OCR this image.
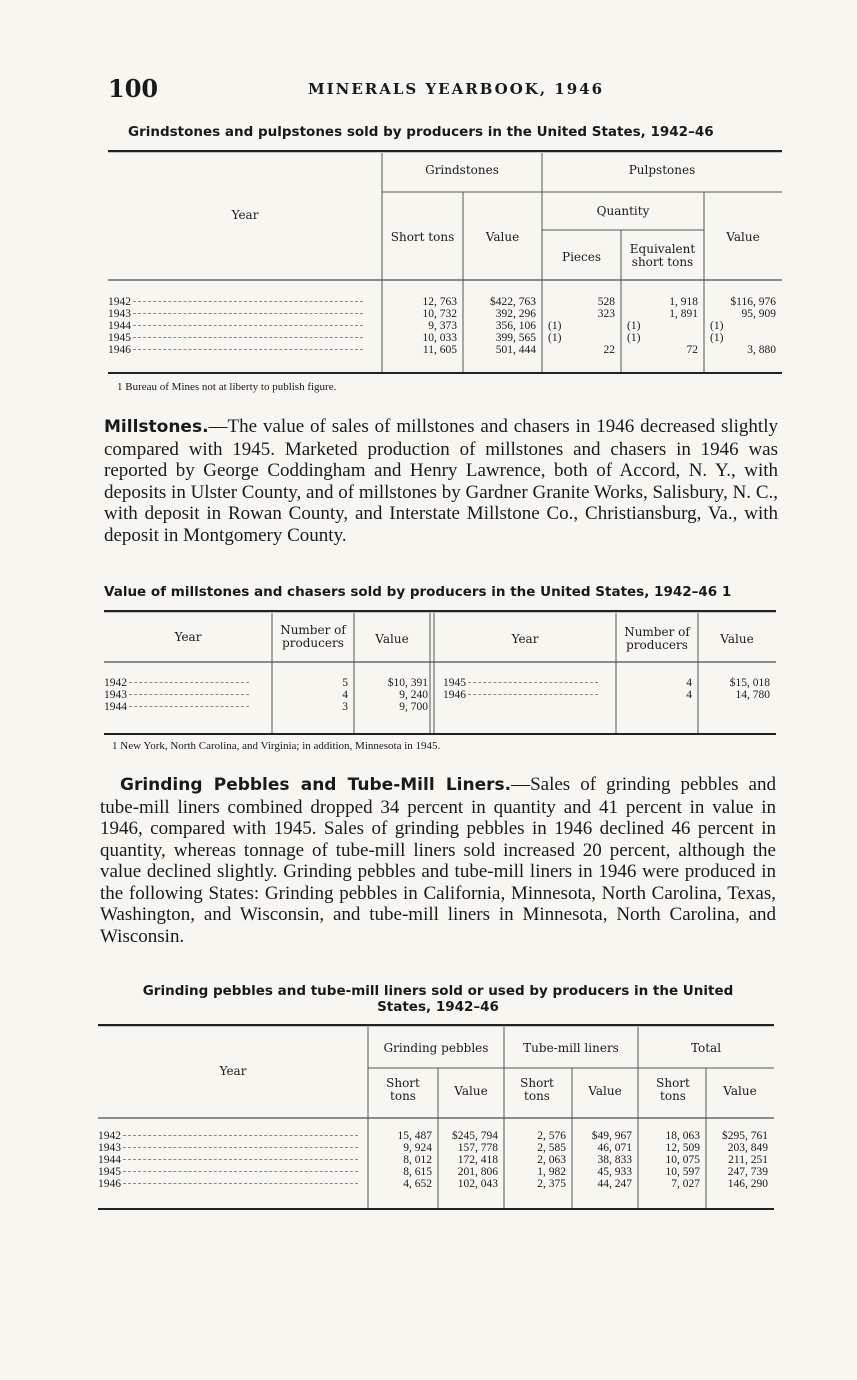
100	MINERALS YEARBOOK, 1946
Grindstones and pulpstones sold by producers in the United States, 1942–46
Year
Grindstones	Pulpstones
Short tons	Value
Quantity
Pieces
Equivalent short tons
Value
1942	12, 763	$422, 763	528	1, 918	$116, 976
1943	10, 732	392, 296	323	1, 891	95, 909
1944	9, 373	356, 106	(1)	(1)	(1)
1945	10, 033	399, 565	(1)	(1)	(1)
1946	11, 605	501, 444	22	72	3, 880
1 Bureau of Mines not at liberty to publish figure.
Millstones.—The value of sales of millstones and chasers in 1946 decreased slightly compared with 1945. Marketed production of millstones and chasers in 1946 was reported by George Coddingham and Henry Lawrence, both of Accord, N. Y., with deposits in Ulster County, and of millstones by Gardner Granite Works, Salisbury, N. C., with deposit in Rowan County, and Interstate Millstone Co., Christiansburg, Va., with deposit in Montgomery County.
Value of millstones and chasers sold by producers in the United States, 1942–46 1
Year	Number of producers	Value	Year	Number of producers	Value
1942	5	$10, 391
1943	4	9, 240
1944	3	9, 700
1945	4	$15, 018
1946	4	14, 780
1 New York, North Carolina, and Virginia; in addition, Minnesota in 1945.
Grinding Pebbles and Tube-Mill Liners.—Sales of grinding pebbles and tube-mill liners combined dropped 34 percent in quantity and 41 percent in value in 1946, compared with 1945. Sales of grinding pebbles in 1946 declined 46 percent in quantity, whereas tonnage of tube-mill liners sold increased 20 percent, although the value declined slightly. Grinding pebbles and tube-mill liners in 1946 were produced in the following States: Grinding pebbles in California, Minnesota, North Carolina, Texas, Washington, and Wisconsin, and tube-mill liners in Minnesota, North Carolina, and Wisconsin.
Grinding pebbles and tube-mill liners sold or used by producers in the United
States, 1942–46
Year
Grinding pebbles	Tube-mill liners	Total
Short tons	Value
Short tons	Value
Short tons	Value
1942	15, 487	$245, 794	2, 576	$49, 967	18, 063	$295, 761
1943	9, 924	157, 778	2, 585	46, 071	12, 509	203, 849
1944	8, 012	172, 418	2, 063	38, 833	10, 075	211, 251
1945	8, 615	201, 806	1, 982	45, 933	10, 597	247, 739
1946	4, 652	102, 043	2, 375	44, 247	7, 027	146, 290
